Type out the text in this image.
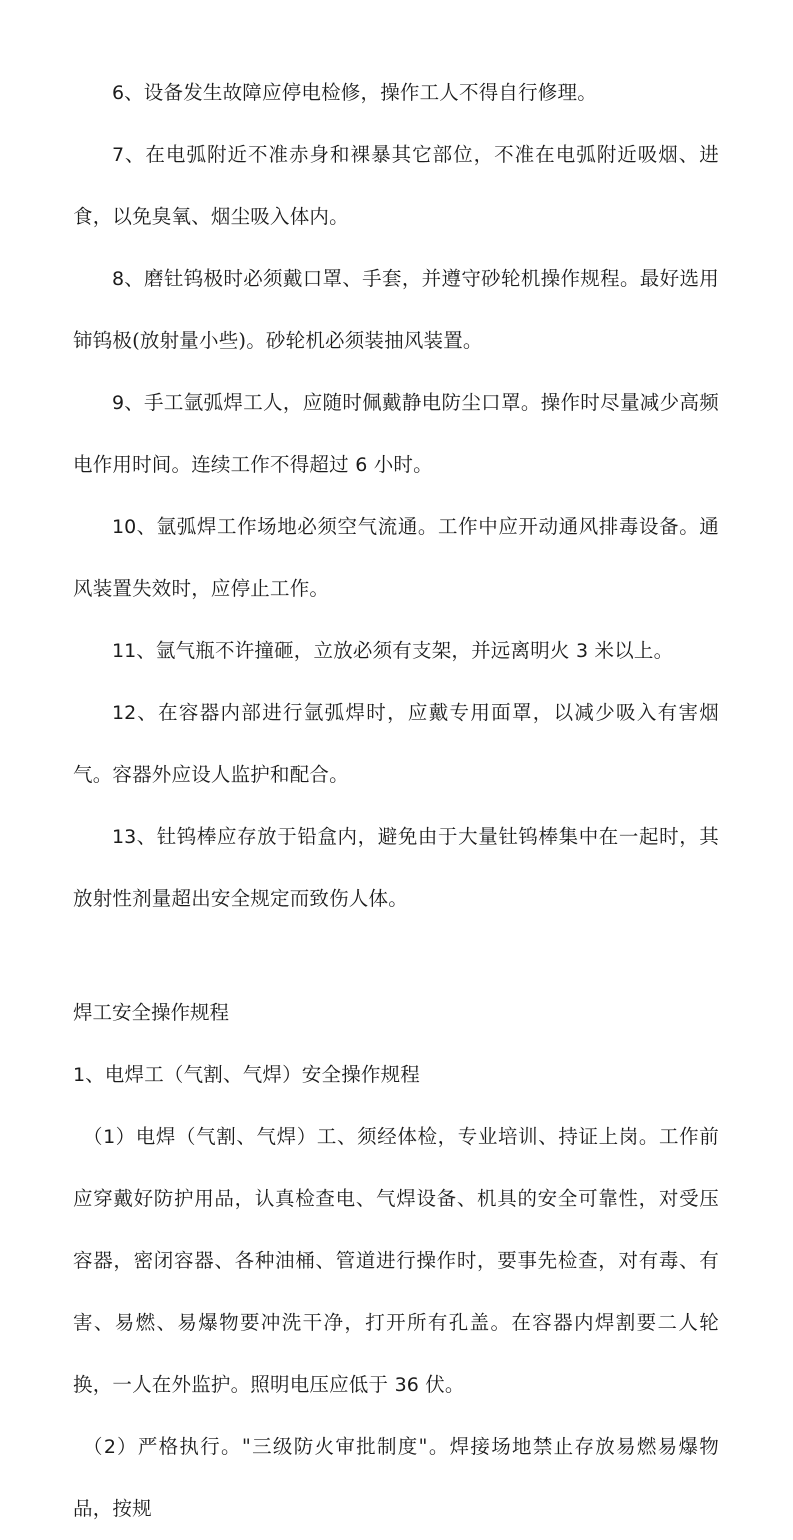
6、设备发生故障应停电检修，操作工人不得自行修理。

7、在电弧附近不准赤身和裸暴其它部位，不准在电弧附近吸烟、进食，以免臭氧、烟尘吸入体内。

8、磨钍钨极时必须戴口罩、手套，并遵守砂轮机操作规程。最好选用铈钨极(放射量小些)。砂轮机必须装抽风装置。

9、手工氩弧焊工人，应随时佩戴静电防尘口罩。操作时尽量减少高频电作用时间。连续工作不得超过 6 小时。

10、氩弧焊工作场地必须空气流通。工作中应开动通风排毒设备。通风装置失效时，应停止工作。

11、氩气瓶不许撞砸，立放必须有支架，并远离明火 3 米以上。

12、在容器内部进行氩弧焊时，应戴专用面罩，以减少吸入有害烟气。容器外应设人监护和配合。

13、钍钨棒应存放于铅盒内，避免由于大量钍钨棒集中在一起时，其放射性剂量超出安全规定而致伤人体。

焊工安全操作规程

1、电焊工（气割、气焊）安全操作规程

（1）电焊（气割、气焊）工、须经体检，专业培训、持证上岗。工作前应穿戴好防护用品，认真检查电、气焊设备、机具的安全可靠性，对受压容器，密闭容器、各种油桶、管道进行操作时，要事先检查，对有毒、有害、易燃、易爆物要冲洗干净，打开所有孔盖。在容器内焊割要二人轮换，一人在外监护。照明电压应低于 36 伏。

（2）严格执行。"三级防火审批制度"。焊接场地禁止存放易燃易爆物品，按规
